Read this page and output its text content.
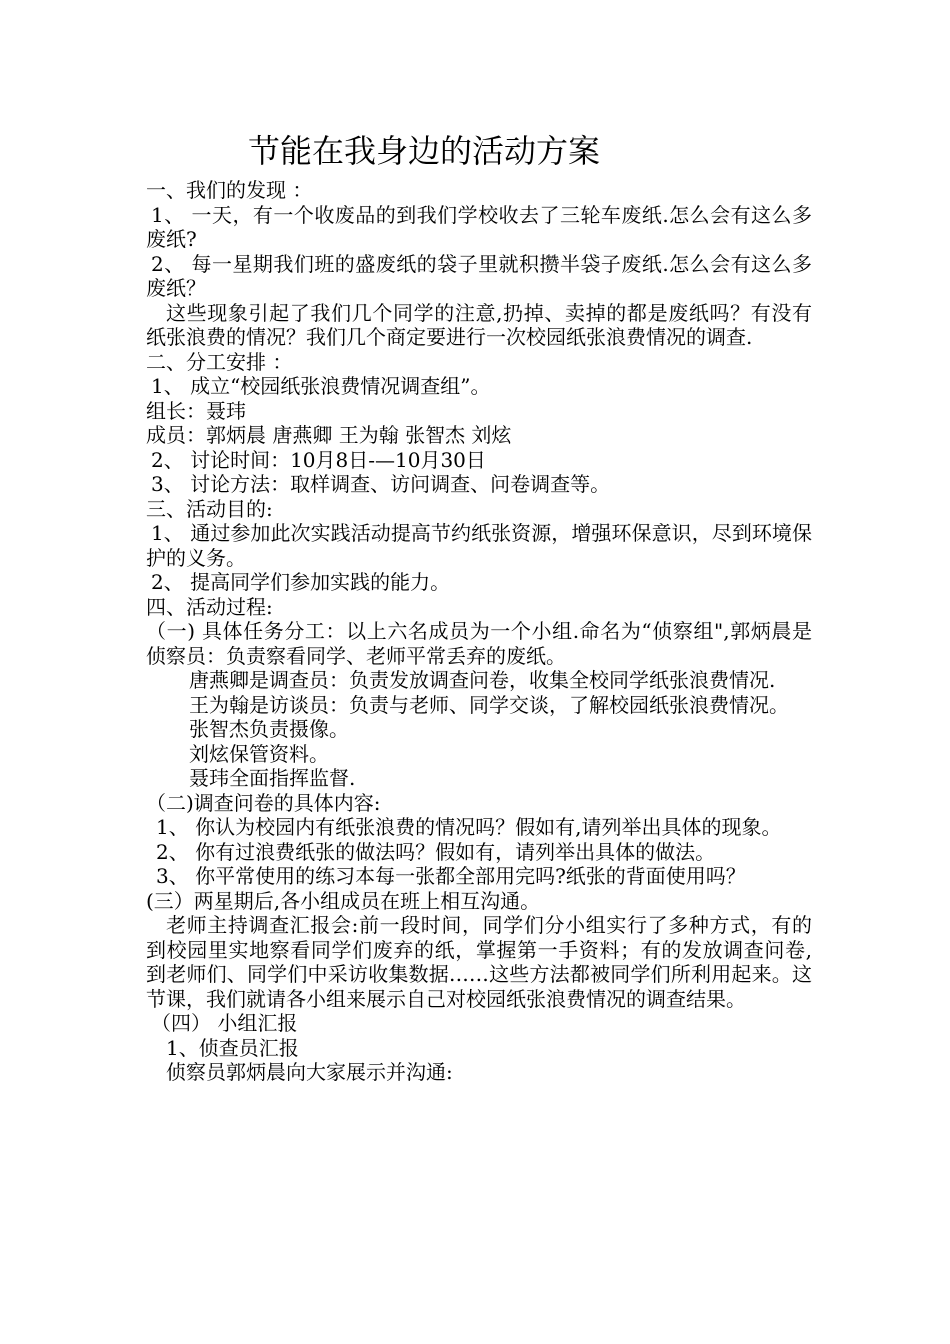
节能在我身边的活动方案

一、我们的发现 ：

1、 一天，有一个收废品的到我们学校收去了三轮车废纸.怎么会有这么多废纸?

2、 每一星期我们班的盛废纸的袋子里就积攒半袋子废纸.怎么会有这么多废纸？

这些现象引起了我们几个同学的注意,扔掉、卖掉的都是废纸吗？有没有纸张浪费的情况？我们几个商定要进行一次校园纸张浪费情况的调查.

二、分工安排 ：

1、 成立“校园纸张浪费情况调查组”。

组长：聂玮

成员：郭炳晨 唐燕卿 王为翰 张智杰 刘炫

2、 讨论时间：10月8日-—10月30日

3、 讨论方法：取样调查、访问调查、问卷调查等。

三、活动目的:

1、 通过参加此次实践活动提高节约纸张资源，增强环保意识，尽到环境保护的义务。

2、 提高同学们参加实践的能力。

四、活动过程:

（一) 具体任务分工：以上六名成员为一个小组.命名为“侦察组",郭炳晨是侦察员：负责察看同学、老师平常丢弃的废纸。

唐燕卿是调查员：负责发放调查问卷，收集全校同学纸张浪费情况.

王为翰是访谈员：负责与老师、同学交谈，了解校园纸张浪费情况。

张智杰负责摄像。

刘炫保管资料。

聂玮全面指挥监督.

（二)调查问卷的具体内容:

1、 你认为校园内有纸张浪费的情况吗？假如有,请列举出具体的现象。

2、 你有过浪费纸张的做法吗？假如有，请列举出具体的做法。

3、 你平常使用的练习本每一张都全部用完吗?纸张的背面使用吗？

(三）两星期后,各小组成员在班上相互沟通。

老师主持调查汇报会:前一段时间，同学们分小组实行了多种方式，有的到校园里实地察看同学们废弃的纸，掌握第一手资料；有的发放调查问卷,到老师们、同学们中采访收集数据……这些方法都被同学们所利用起来。这节课，我们就请各小组来展示自己对校园纸张浪费情况的调查结果。

（四） 小组汇报

1、侦查员汇报

侦察员郭炳晨向大家展示并沟通:
